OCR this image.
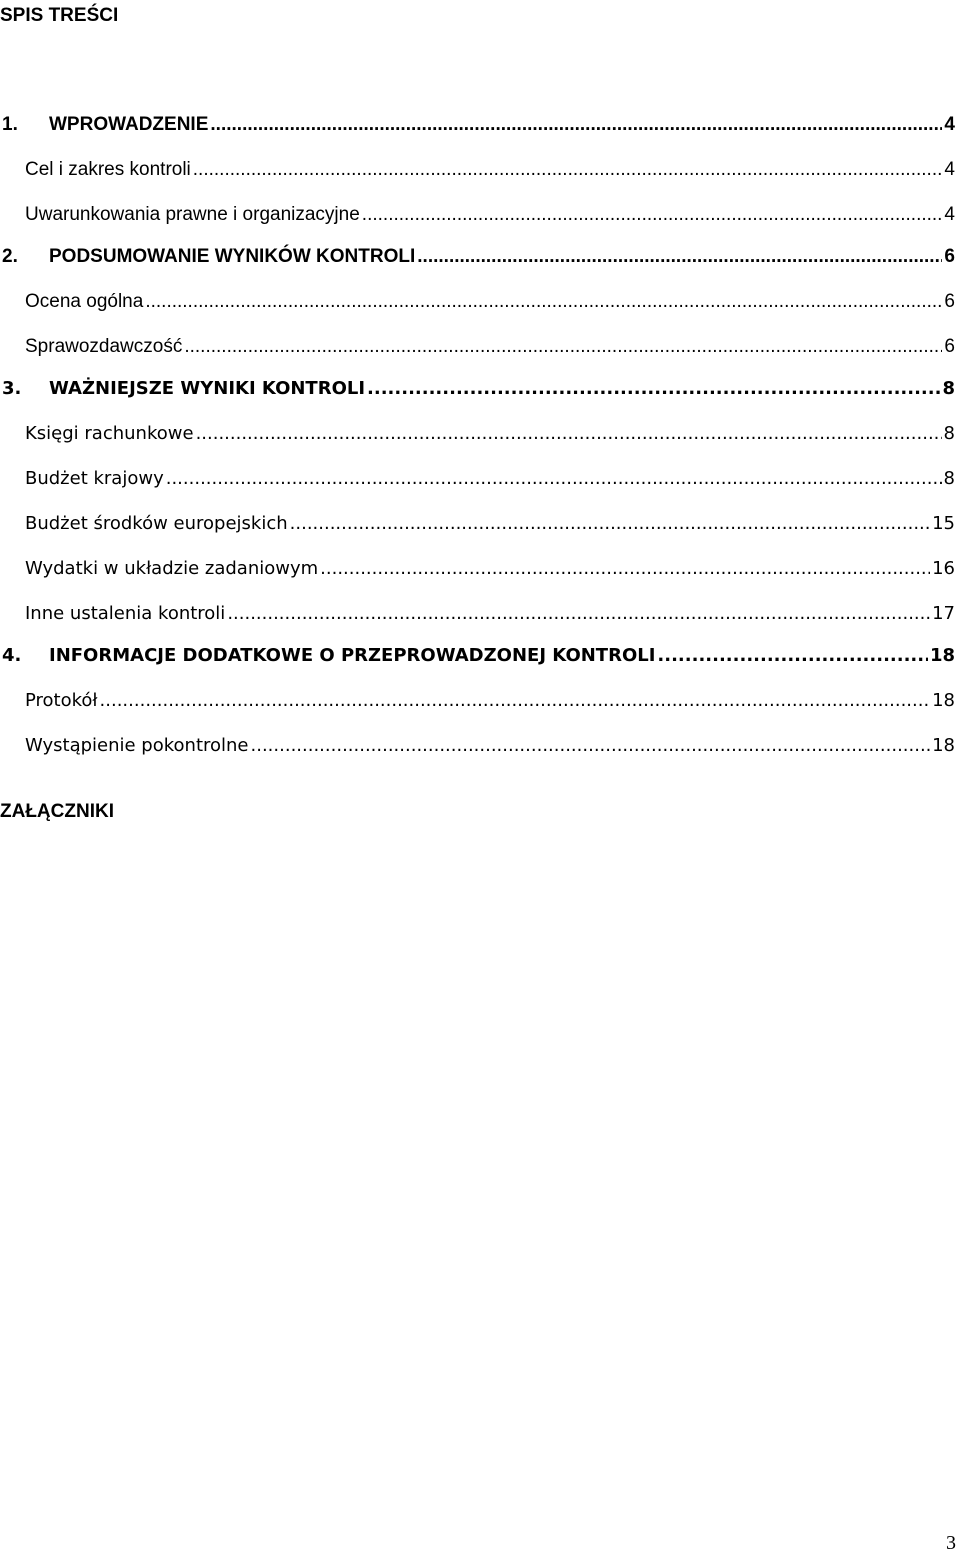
SPIS TREŚCI
1.	WPROWADZENIE .....	4
Cel i zakres kontroli .....	4
Uwarunkowania prawne i organizacyjne .....	4
2.	PODSUMOWANIE WYNIKÓW KONTROLI .....	6
Ocena ogólna .....	6
Sprawozdawczość .....	6
3.	WAŻNIEJSZE WYNIKI KONTROLI .....	8
Księgi rachunkowe .....	8
Budżet krajowy .....	8
Budżet środków europejskich .....	15
Wydatki w układzie zadaniowym .....	16
Inne ustalenia kontroli .....	17
4.	INFORMACJE DODATKOWE O PRZEPROWADZONEJ KONTROLI .....	18
Protokół .....	18
Wystąpienie pokontrolne .....	18
ZAŁĄCZNIKI
3
